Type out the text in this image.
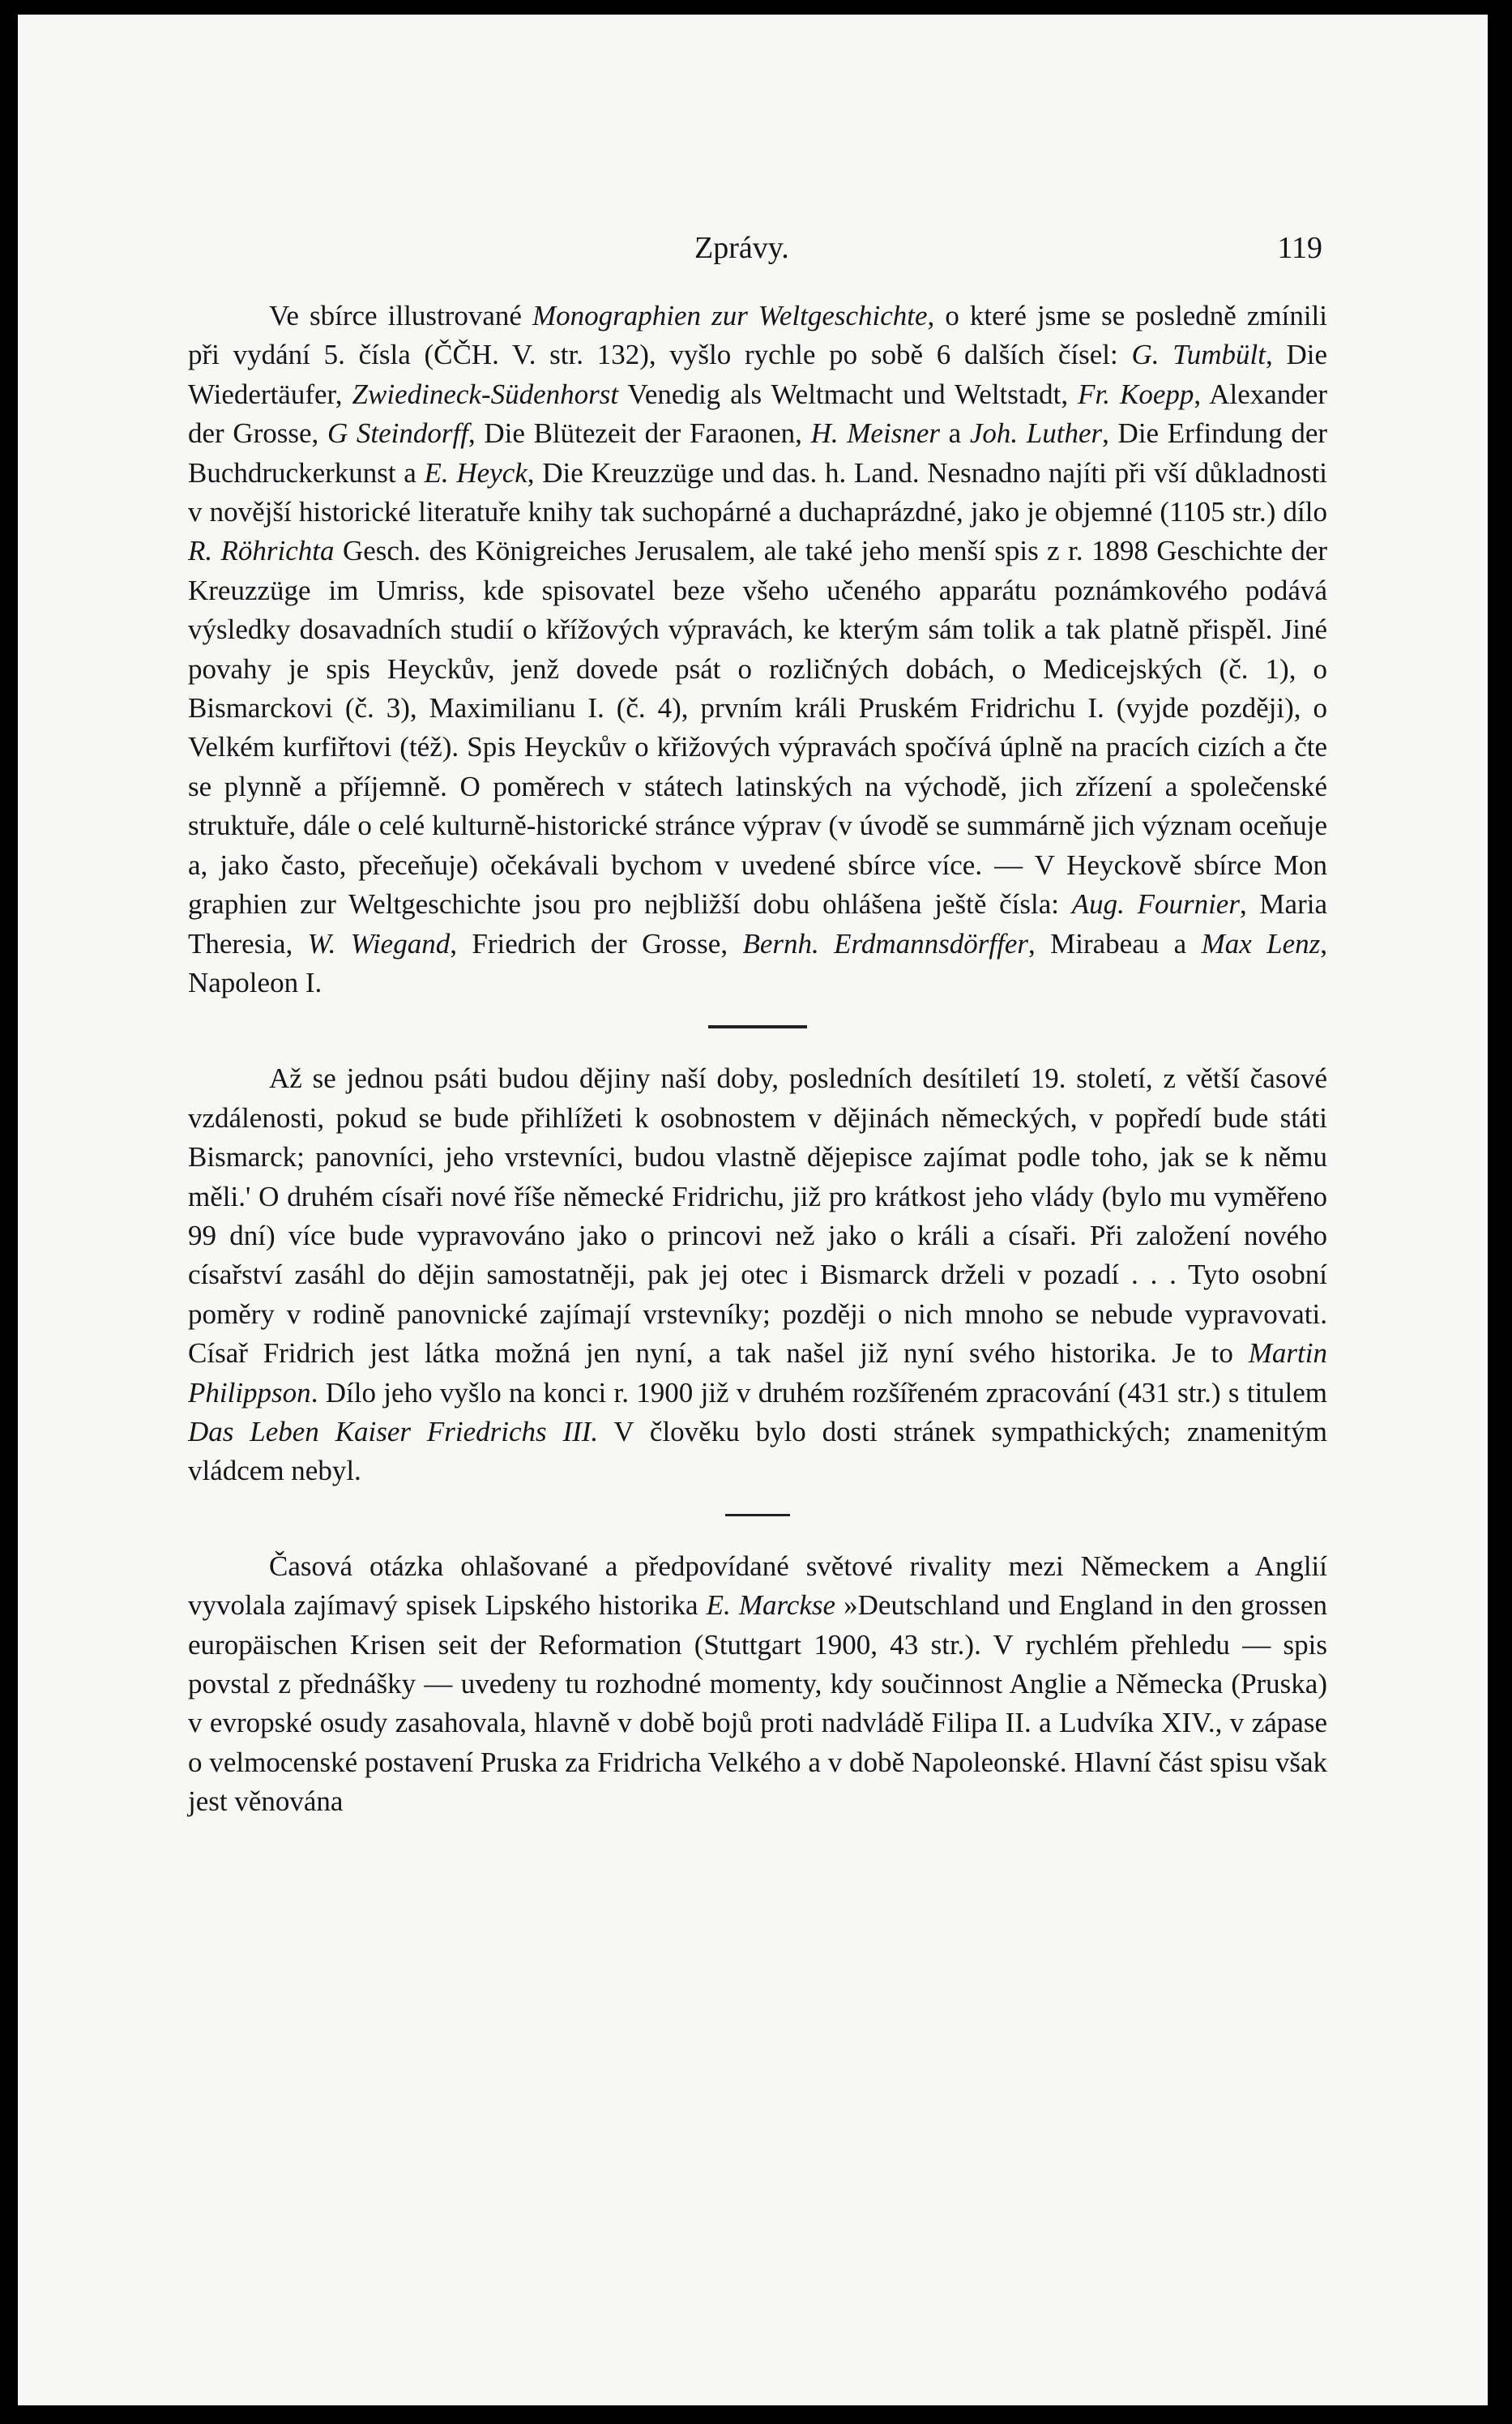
Zprávy.	119

Ve sbírce illustrované Monographien zur Weltgeschichte, o které jsme se posledně zmínili při vydání 5. čísla (ČČH. V. str. 132), vyšlo rychle po sobě 6 dalších čísel: G. Tumbült, Die Wiedertäufer, Zwiedineck-Südenhorst Venedig als Weltmacht und Weltstadt, Fr. Koepp, Alexander der Grosse, G Steindorff, Die Blütezeit der Faraonen, H. Meisner a Joh. Luther, Die Erfindung der Buchdruckerkunst a E. Heyck, Die Kreuzzüge und das. h. Land. Nesnadno najíti při vší důkladnosti v novější historické literatuře knihy tak suchopárné a duchaprázdné, jako je objemné (1105 str.) dílo R. Röhrichta Gesch. des Königreiches Jerusalem, ale také jeho menší spis z r. 1898 Geschichte der Kreuzzüge im Umriss, kde spisovatel beze všeho učeného apparátu poznámkového podává výsledky dosavadních studií o křížových výpravách, ke kterým sám tolik a tak platně přispěl. Jiné povahy je spis Heyckův, jenž dovede psát o rozličných dobách, o Medicejských (č. 1), o Bismarckovi (č. 3), Maximilianu I. (č. 4), prvním králi Pruském Fridrichu I. (vyjde později), o Velkém kurfiřtovi (též). Spis Heyckův o křižových výpravách spočívá úplně na pracích cizích a čte se plynně a příjemně. O poměrech v státech latinských na východě, jich zřízení a společenské struktuře, dále o celé kulturně-historické stránce výprav (v úvodě se summárně jich význam oceňuje a, jako často, přeceňuje) očekávali bychom v uvedené sbírce více. — V Heyckově sbírce Mon graphien zur Weltgeschichte jsou pro nejbližší dobu ohlášena ještě čísla: Aug. Fournier, Maria Theresia, W. Wiegand, Friedrich der Grosse, Bernh. Erdmannsdörffer, Mirabeau a Max Lenz, Napoleon I.

Až se jednou psáti budou dějiny naší doby, posledních desítiletí 19. století, z větší časové vzdálenosti, pokud se bude přihlížeti k osobnostem v dějinách německých, v popředí bude státi Bismarck; panovníci, jeho vrstevníci, budou vlastně dějepisce zajímat podle toho, jak se k němu měli.' O druhém císaři nové říše německé Fridrichu, již pro krátkost jeho vlády (bylo mu vyměřeno 99 dní) více bude vypravováno jako o princovi než jako o králi a císaři. Při založení nového císařství zasáhl do dějin samostatněji, pak jej otec i Bismarck drželi v pozadí . . . Tyto osobní poměry v rodině panovnické zajímají vrstevníky; později o nich mnoho se nebude vypravovati. Císař Fridrich jest látka možná jen nyní, a tak našel již nyní svého historika. Je to Martin Philippson. Dílo jeho vyšlo na konci r. 1900 již v druhém rozšířeném zpracování (431 str.) s titulem Das Leben Kaiser Friedrichs III. V člověku bylo dosti stránek sympathických; znamenitým vládcem nebyl.

Časová otázka ohlašované a předpovídané světové rivality mezi Německem a Anglií vyvolala zajímavý spisek Lipského historika E. Marckse »Deutschland und England in den grossen europäischen Krisen seit der Reformation (Stuttgart 1900, 43 str.). V rychlém přehledu — spis povstal z přednášky — uvedeny tu rozhodné momenty, kdy součinnost Anglie a Německa (Pruska) v evropské osudy zasahovala, hlavně v době bojů proti nadvládě Filipa II. a Ludvíka XIV., v zápase o velmocenské postavení Pruska za Fridricha Velkého a v době Napoleonské. Hlavní část spisu však jest věnována
